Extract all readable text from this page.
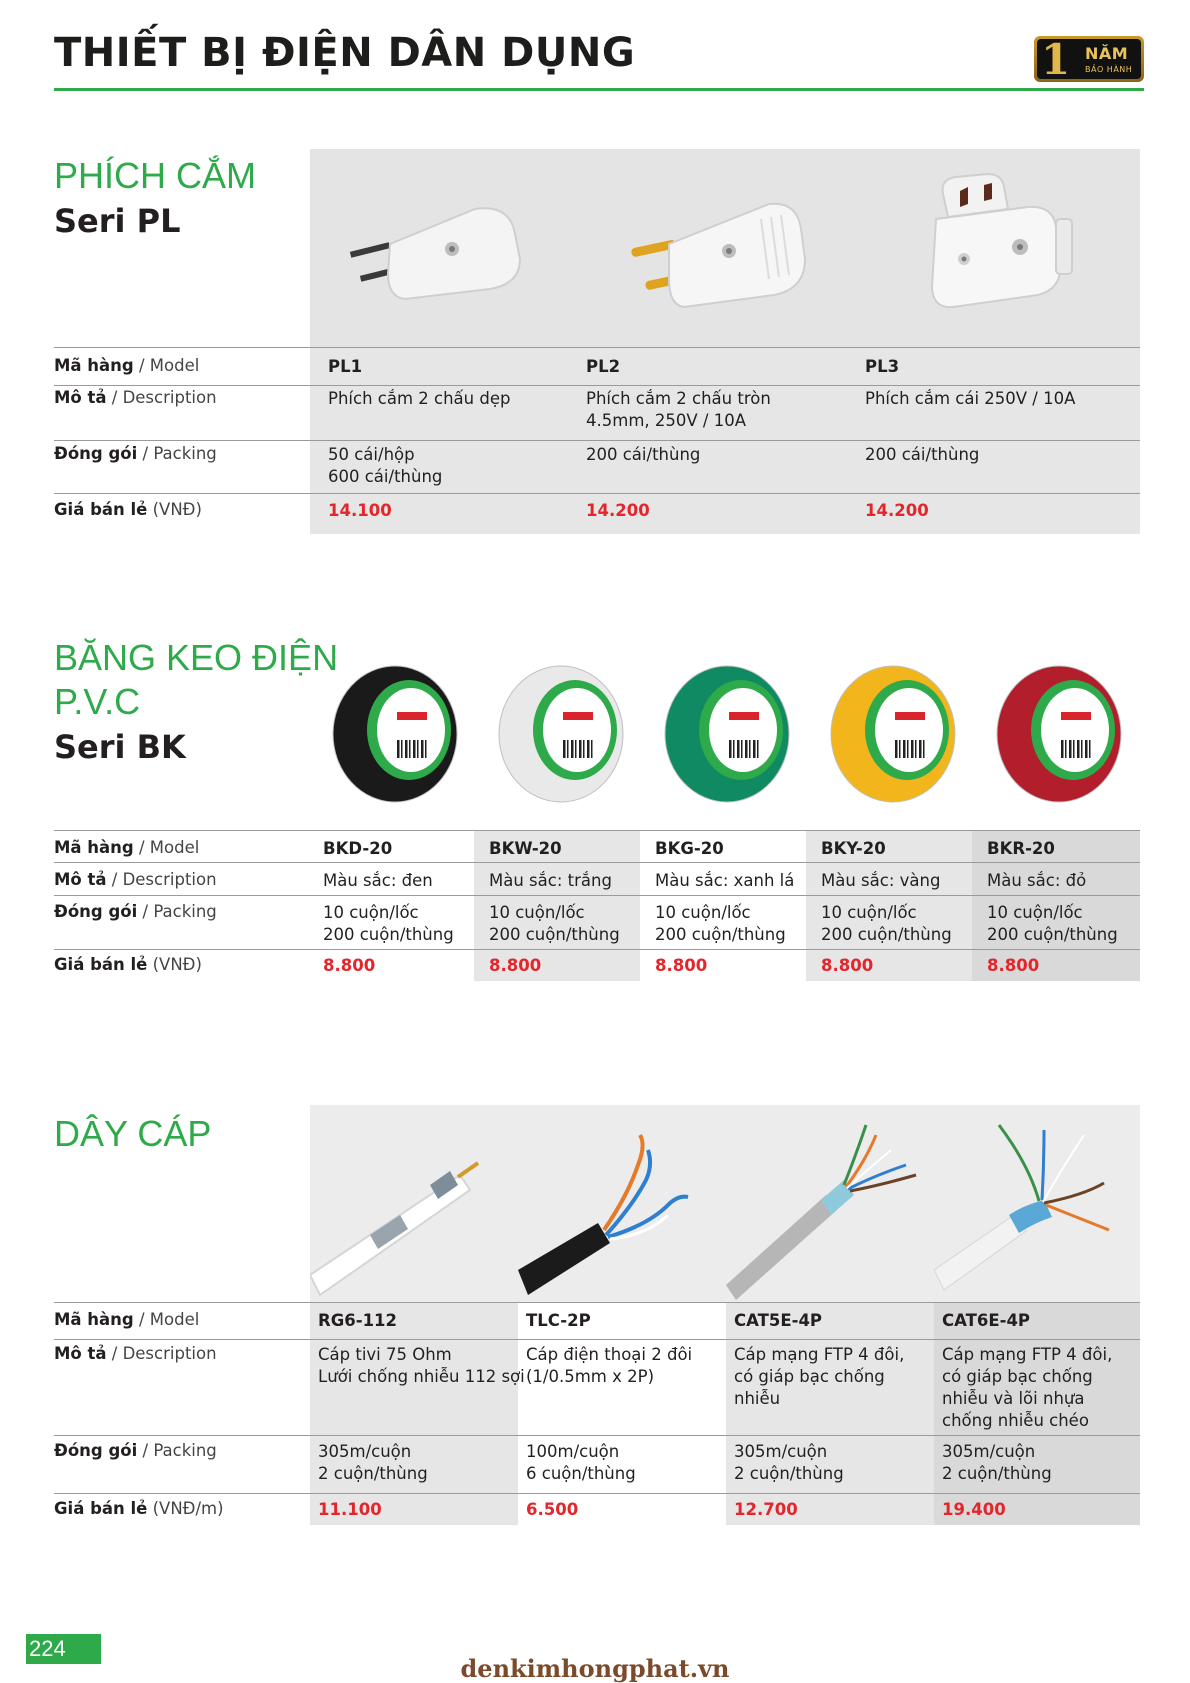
THIẾT BỊ ĐIỆN DÂN DỤNG	1 NĂM
BẢO HÀNH
PHÍCH CẮM
Seri PL
Mã hàng / Model
Mô tả / Description
Đóng gói / Packing
Giá bán lẻ (VNĐ)
PL1
Phích cắm 2 chấu dẹp
50 cái/hộp
600 cái/thùng
14.100
PL2
Phích cắm 2 chấu tròn
4.5mm, 250V / 10A
200 cái/thùng
14.200
PL3
Phích cắm cái 250V / 10A
200 cái/thùng
14.200
BĂNG KEO ĐIỆN
P.V.C
Seri BK
Mã hàng / Model
Mô tả / Description
Đóng gói / Packing
Giá bán lẻ (VNĐ)
BKD-20
Màu sắc: đen
10 cuộn/lốc
200 cuộn/thùng
8.800
BKW-20
Màu sắc: trắng
10 cuộn/lốc
200 cuộn/thùng
8.800
BKG-20
Màu sắc: xanh lá
10 cuộn/lốc
200 cuộn/thùng
8.800
BKY-20
Màu sắc: vàng
10 cuộn/lốc
200 cuộn/thùng
8.800
BKR-20
Màu sắc: đỏ
10 cuộn/lốc
200 cuộn/thùng
8.800
DÂY CÁP
Mã hàng / Model
Mô tả / Description
Đóng gói / Packing
Giá bán lẻ (VNĐ/m)
RG6-112
Cáp tivi 75 Ohm
Lưới chống nhiễu 112 sợi
305m/cuộn
2 cuộn/thùng
11.100
TLC-2P
Cáp điện thoại 2 đôi
(1/0.5mm x 2P)
100m/cuộn
6 cuộn/thùng
6.500
CAT5E-4P
Cáp mạng FTP 4 đôi,
có giáp bạc chống
nhiễu
305m/cuộn
2 cuộn/thùng
12.700
CAT6E-4P
Cáp mạng FTP 4 đôi,
có giáp bạc chống
nhiễu và lõi nhựa
chống nhiễu chéo
305m/cuộn
2 cuộn/thùng
19.400
224
denkimhongphat.vn
